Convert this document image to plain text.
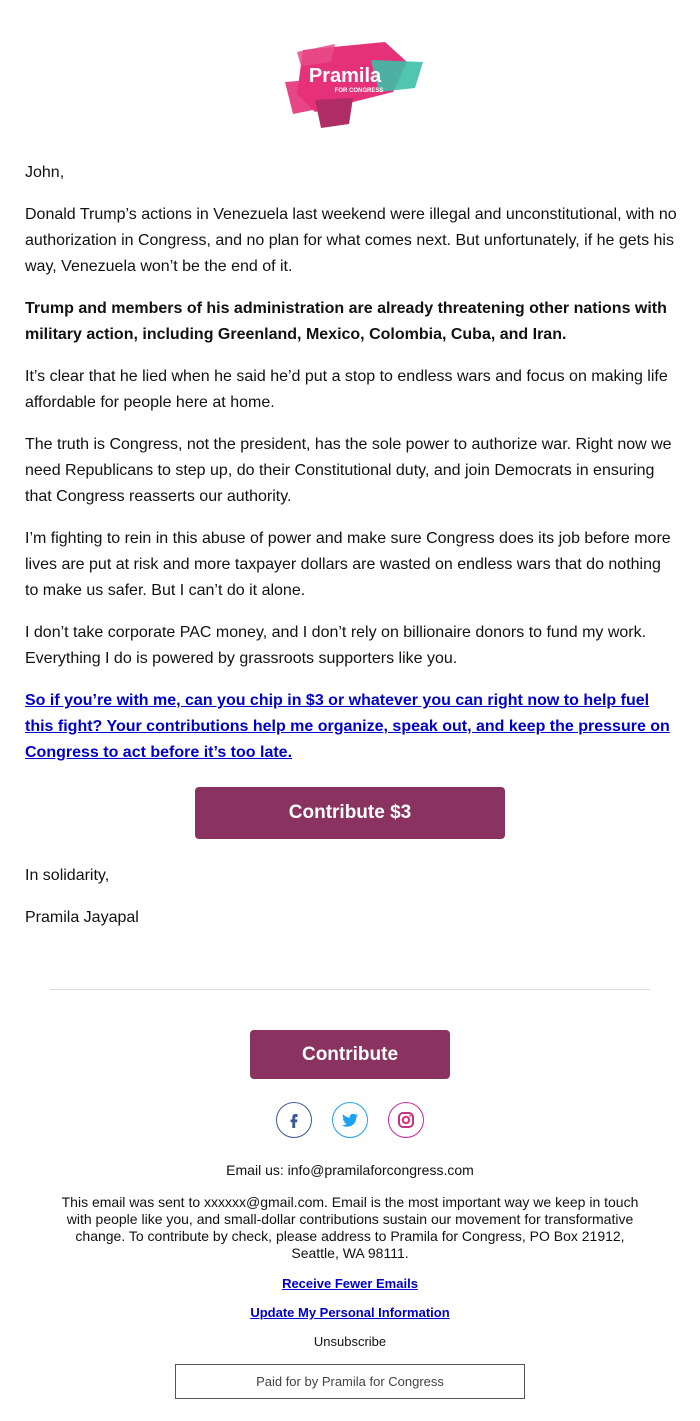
Pramila
FOR CONGRESS
John,

Donald Trump’s actions in Venezuela last weekend were illegal and unconstitutional, with no authorization in Congress, and no plan for what comes next. But unfortunately, if he gets his way, Venezuela won’t be the end of it.

Trump and members of his administration are already threatening other nations with military action, including Greenland, Mexico, Colombia, Cuba, and Iran.

It’s clear that he lied when he said he’d put a stop to endless wars and focus on making life affordable for people here at home.

The truth is Congress, not the president, has the sole power to authorize war. Right now we need Republicans to step up, do their Constitutional duty, and join Democrats in ensuring that Congress reasserts our authority.

I’m fighting to rein in this abuse of power and make sure Congress does its job before more lives are put at risk and more taxpayer dollars are wasted on endless wars that do nothing to make us safer. But I can’t do it alone.

I don’t take corporate PAC money, and I don’t rely on billionaire donors to fund my work. Everything I do is powered by grassroots supporters like you.

So if you’re with me, can you chip in $3 or whatever you can right now to help fuel this fight? Your contributions help me organize, speak out, and keep the pressure on Congress to act before it’s too late.

Contribute $3
In solidarity,
Pramila Jayapal
Contribute
Email us: info@pramilaforcongress.com
This email was sent to xxxxxx@gmail.com. Email is the most important way we keep in touch with people like you, and small-dollar contributions sustain our movement for transformative change. To contribute by check, please address to Pramila for Congress, PO Box 21912, Seattle, WA 98111.
Receive Fewer Emails
Update My Personal Information
Unsubscribe
Paid for by Pramila for Congress
